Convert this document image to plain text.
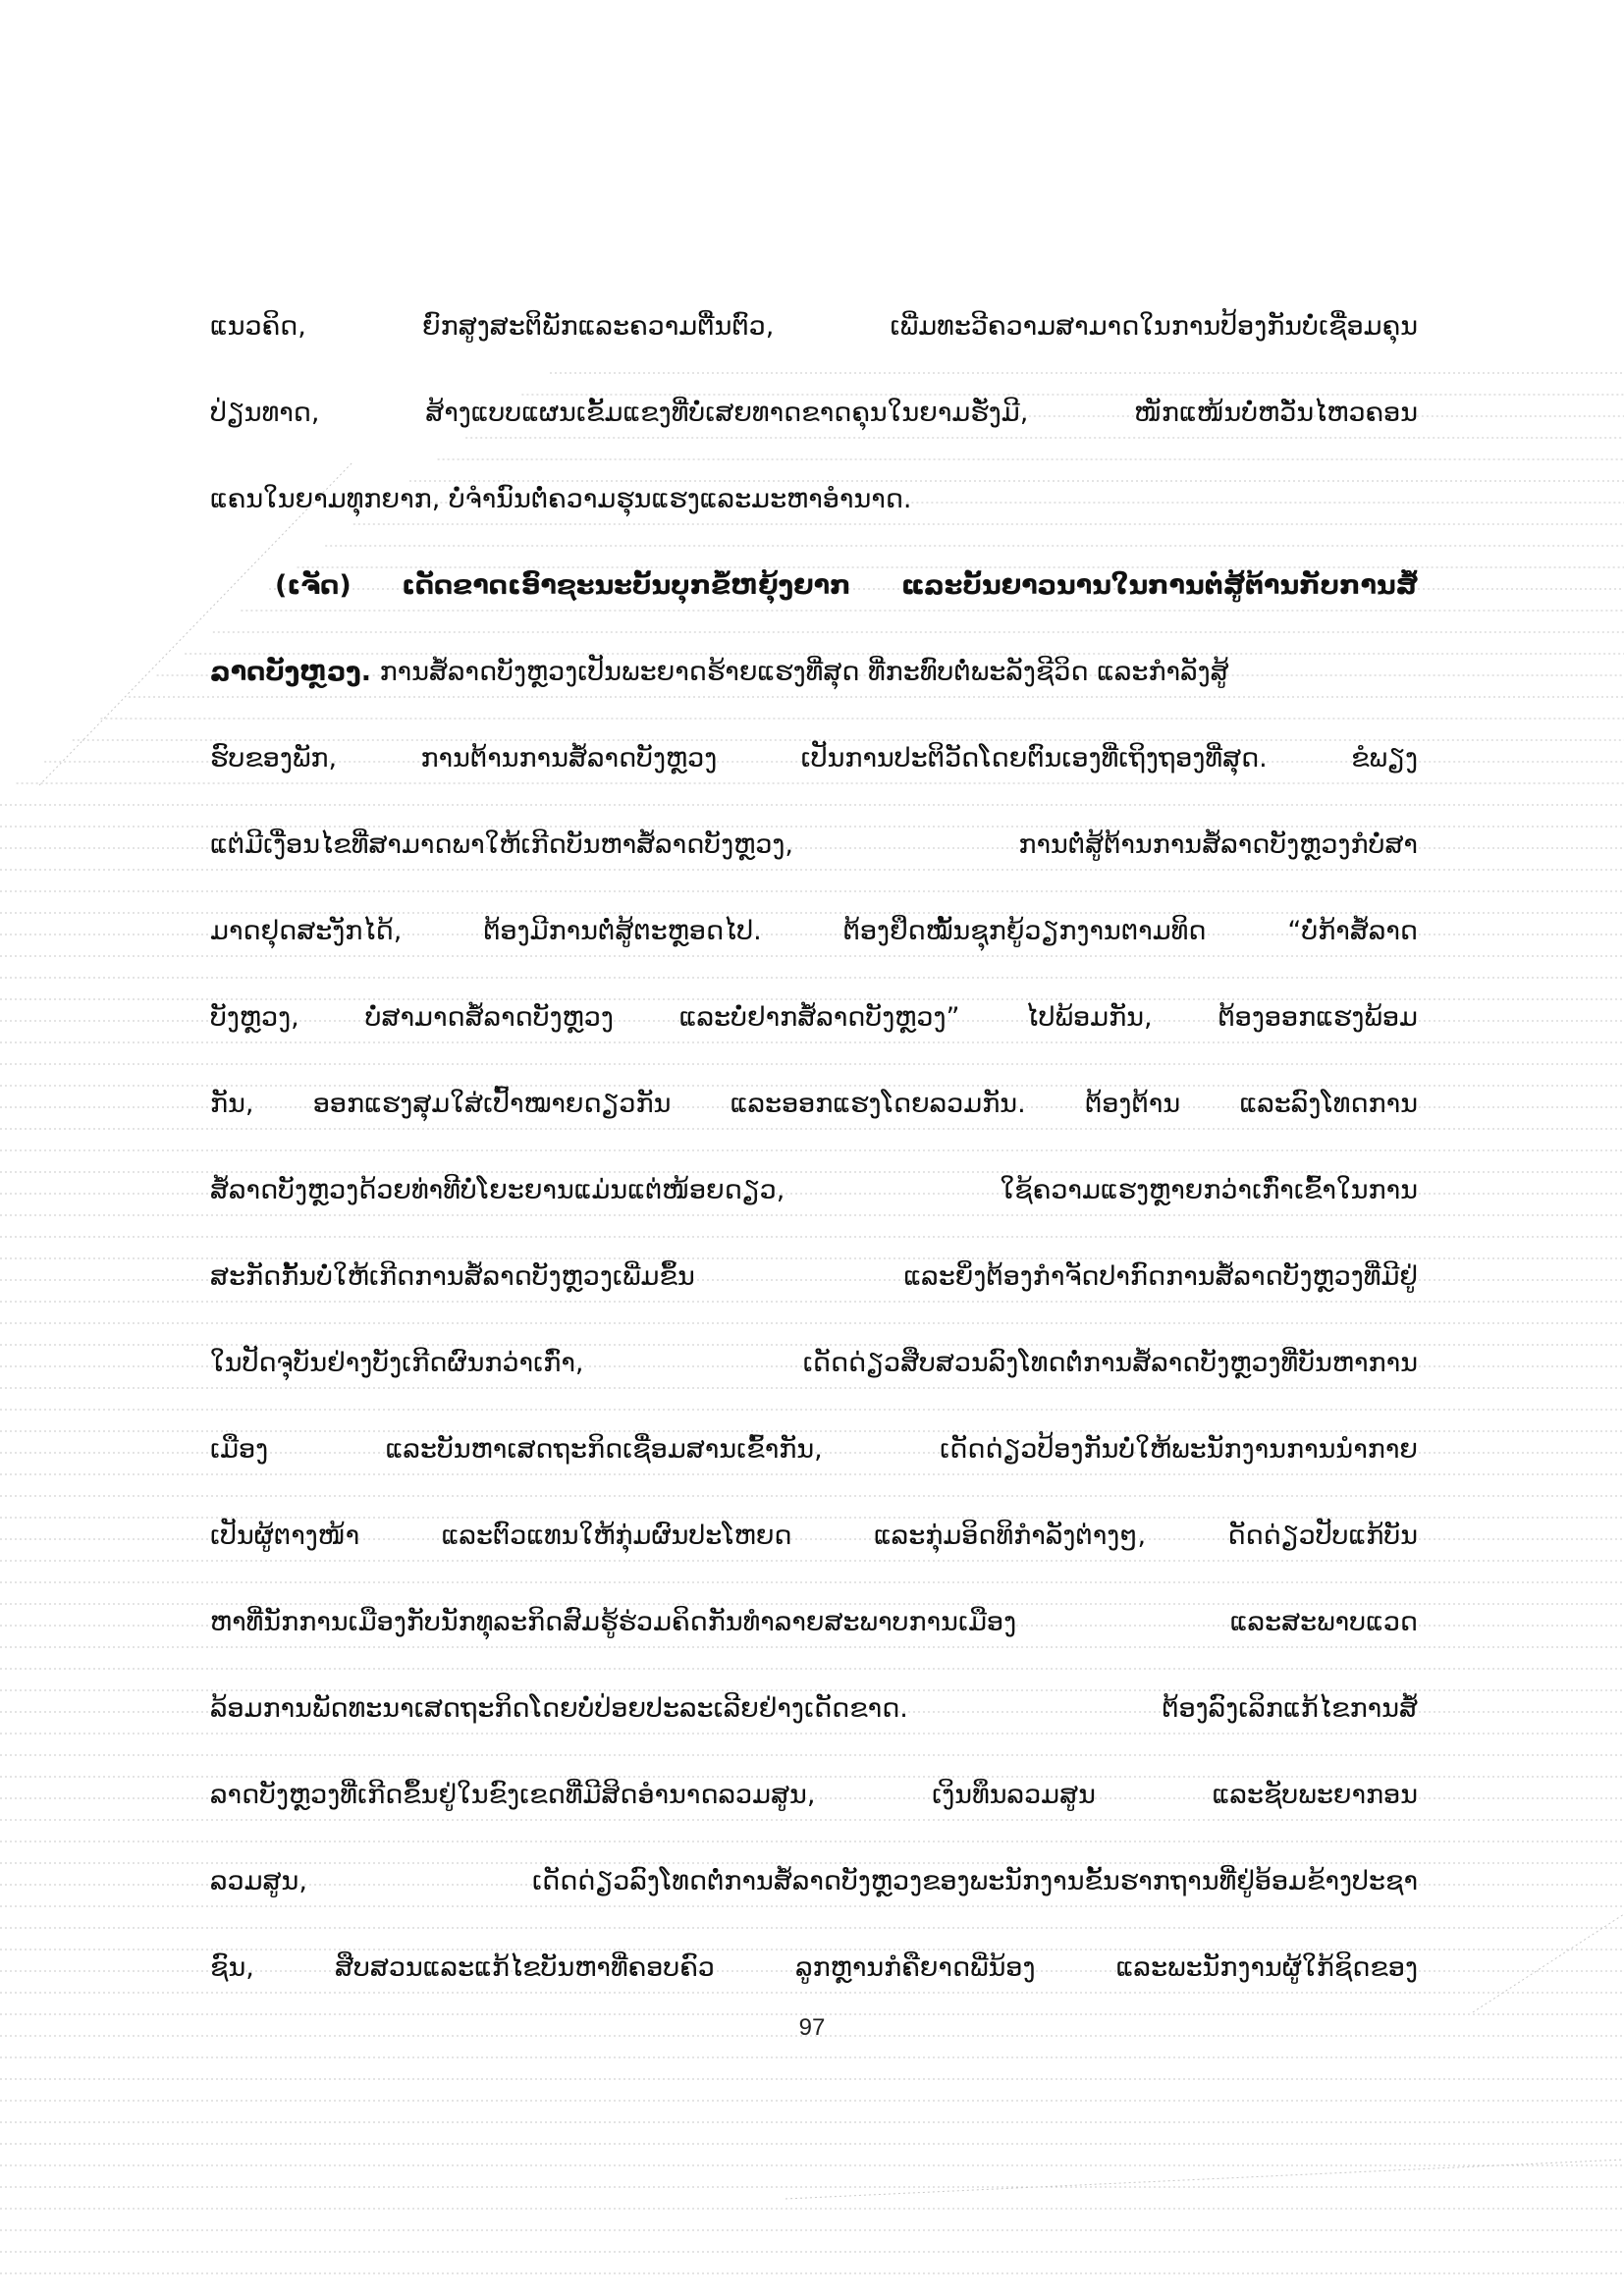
ແນວຄິດ, ຍົກສູງສະຕິພັກແລະຄວາມຕື່ນຕົວ, ເພີ່ມທະວີຄວາມສາມາດໃນການປ້ອງກັນບໍ່ເຊື່ອມຄຸນ
ປ່ຽນທາດ, ສ້າງແບບແຜນເຂັ້ມແຂງທີ່ບໍ່ເສຍທາດຂາດຄຸນໃນຍາມຮັ່ງມີ, ໜັກແໜ້ນບໍ່ຫວັ່ນໄຫວຄອນ
ແຄນໃນຍາມທຸກຍາກ, ບໍ່ຈຳນົນຕໍ່ຄວາມຮຸນແຮງແລະມະຫາອຳນາດ.
(ເຈັດ) ເດັດຂາດເອົາຊະນະບັ້ນບຸກຂໍ້ຫຍຸ້ງຍາກ ແລະບັ້ນຍາວນານໃນການຕໍ່ສູ້ຕ້ານກັບການສໍ້
ລາດບັງຫຼວງ. ການສໍ້ລາດບັງຫຼວງເປັນພະຍາດຮ້າຍແຮງທີ່ສຸດ ທີ່ກະທົບຕໍ່ພະລັງຊີວິດ ແລະກຳລັງສູ້
ຮົບຂອງພັກ, ການຕ້ານການສໍ້ລາດບັງຫຼວງ ເປັນການປະຕິວັດໂດຍຕົນເອງທີ່ເຖິງຖອງທີ່ສຸດ. ຂໍພຽງ
ແຕ່ມີເງື່ອນໄຂທີ່ສາມາດພາໃຫ້ເກີດບັນຫາສໍ້ລາດບັງຫຼວງ, ການຕໍ່ສູ້ຕ້ານການສໍ້ລາດບັງຫຼວງກໍບໍ່ສາ
ມາດຢຸດສະງັກໄດ້, ຕ້ອງມີການຕໍ່ສູ້ຕະຫຼອດໄປ. ຕ້ອງຢຶດໝັ້ນຊຸກຍູ້ວຽກງານຕາມທິດ “ບໍ່ກ້າສໍ້ລາດ
ບັງຫຼວງ, ບໍ່ສາມາດສໍ້ລາດບັງຫຼວງ ແລະບໍ່ຢາກສໍ້ລາດບັງຫຼວງ” ໄປພ້ອມກັນ, ຕ້ອງອອກແຮງພ້ອມ
ກັນ, ອອກແຮງສຸມໃສ່ເປົ້າໝາຍດຽວກັນ ແລະອອກແຮງໂດຍລວມກັນ. ຕ້ອງຕ້ານ ແລະລົງໂທດການ
ສໍ້ລາດບັງຫຼວງດ້ວຍທ່າທີບໍ່ໂຍະຍານແມ່ນແຕ່ໜ້ອຍດຽວ, ໃຊ້ຄວາມແຮງຫຼາຍກວ່າເກົ່າເຂົ້າໃນການ
ສະກັດກັ້ນບໍ່ໃຫ້ເກີດການສໍ້ລາດບັງຫຼວງເພີ່ມຂຶ້ນ ແລະຍິ່ງຕ້ອງກຳຈັດປາກົດການສໍ້ລາດບັງຫຼວງທີ່ມີຢູ່
ໃນປັດຈຸບັນຢ່າງບັງເກີດຜົນກວ່າເກົ່າ, ເດັດດ່ຽວສືບສວນລົງໂທດຕໍ່ການສໍ້ລາດບັງຫຼວງທີ່ບັນຫາການ
ເມືອງ ແລະບັນຫາເສດຖະກິດເຊື່ອມສານເຂົ້າກັນ, ເດັດດ່ຽວປ້ອງກັນບໍ່ໃຫ້ພະນັກງານການນຳກາຍ
ເປັນຜູ້ຕາງໜ້າ ແລະຕົວແທນໃຫ້ກຸ່ມຜົນປະໂຫຍດ ແລະກຸ່ມອິດທິກຳລັງຕ່າງໆ, ດັດດ່ຽວປັບແກ້ບັນ
ຫາທີ່ນັກການເມືອງກັບນັກທຸລະກິດສົມຮູ້ຮ່ວມຄິດກັນທຳລາຍສະພາບການເມືອງ ແລະສະພາບແວດ
ລ້ອມການພັດທະນາເສດຖະກິດໂດຍບໍ່ປ່ອຍປະລະເລີຍຢ່າງເດັດຂາດ. ຕ້ອງລົງເລິກແກ້ໄຂການສໍ້
ລາດບັງຫຼວງທີ່ເກີດຂຶ້ນຢູ່ໃນຂົງເຂດທີ່ມີສິດອຳນາດລວມສູນ, ເງິນທຶນລວມສູນ ແລະຊັບພະຍາກອນ
ລວມສູນ, ເດັດດ່ຽວລົງໂທດຕໍ່ການສໍ້ລາດບັງຫຼວງຂອງພະນັກງານຂັ້ນຮາກຖານທີ່ຢູ່ອ້ອມຂ້າງປະຊາ
ຊົນ, ສືບສວນແລະແກ້ໄຂບັນຫາທີ່ຄອບຄົວ ລູກຫຼານກໍຄືຍາດພີ່ນ້ອງ ແລະພະນັກງານຜູ້ໃກ້ຊິດຂອງ
97
